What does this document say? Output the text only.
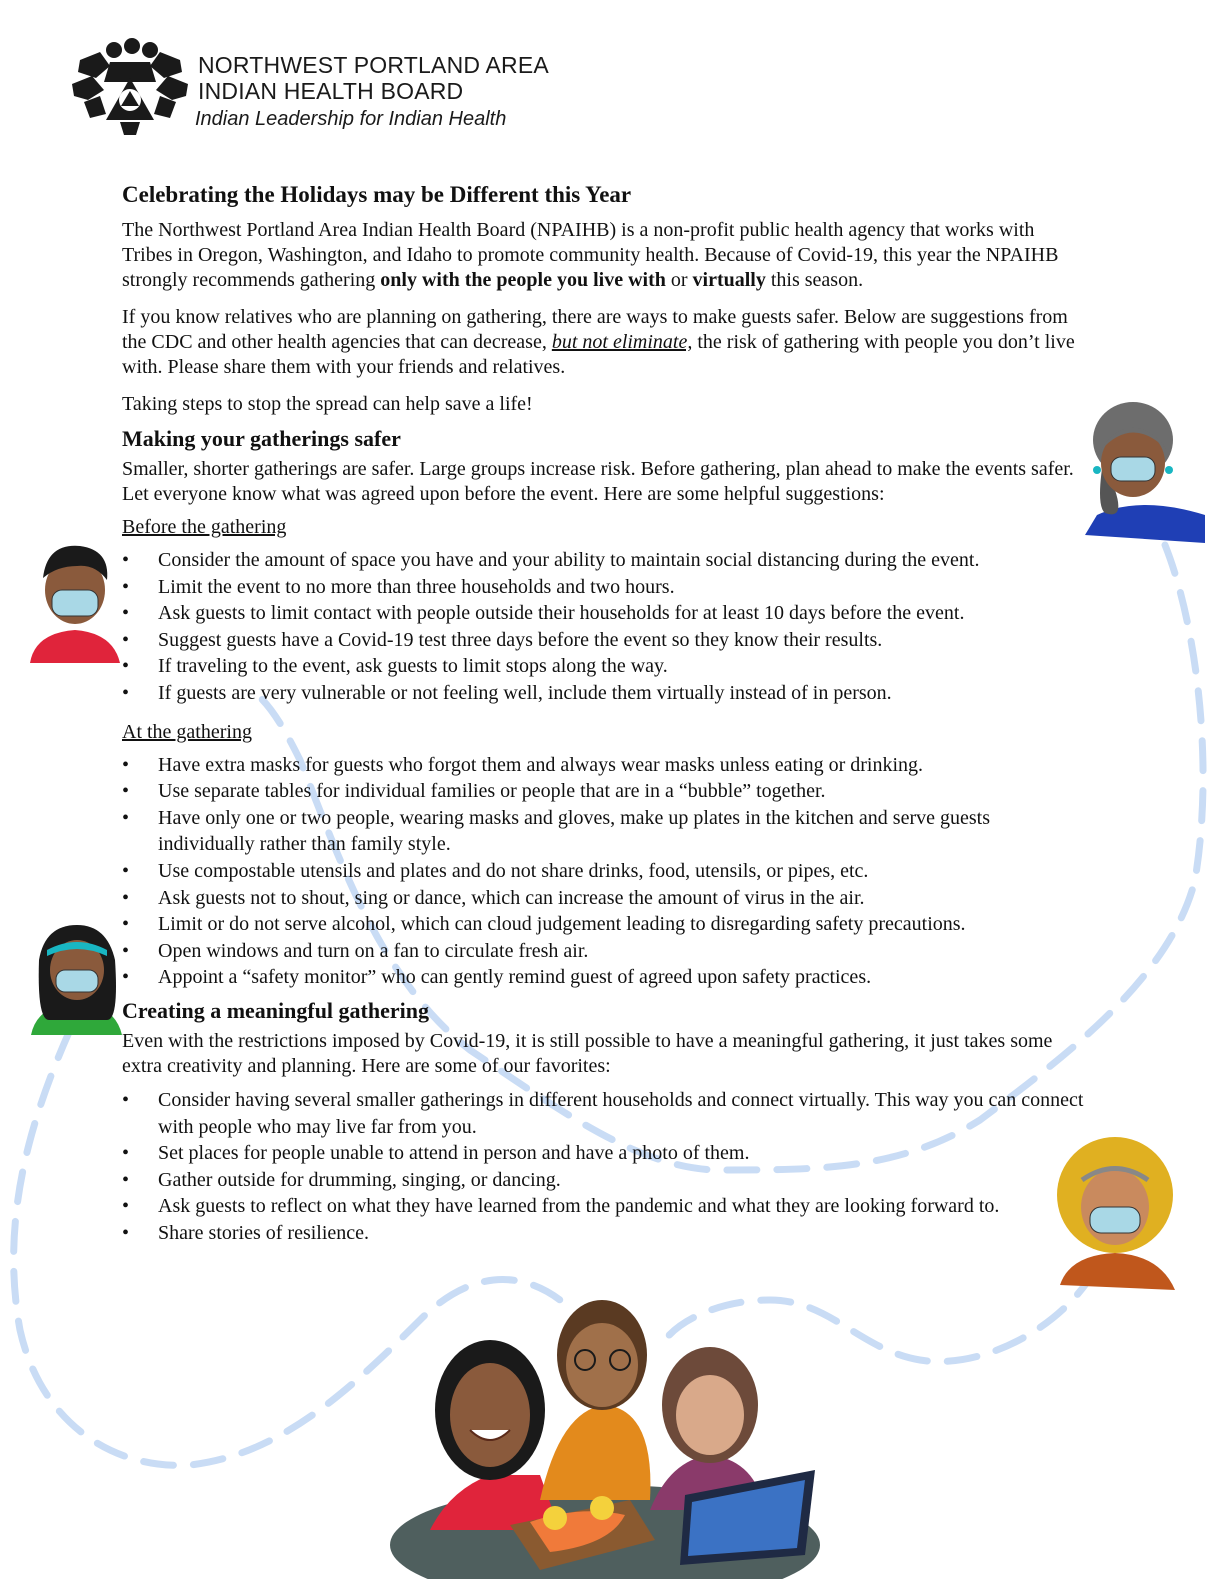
NORTHWEST PORTLAND AREA
INDIAN HEALTH BOARD
Indian Leadership for Indian Health
Celebrating the Holidays may be Different this Year

The Northwest Portland Area Indian Health Board (NPAIHB) is a non-profit public health agency that works with Tribes in Oregon, Washington, and Idaho to promote community health. Because of Covid-19, this year the NPAIHB strongly recommends gathering only with the people you live with or virtually this season.

If you know relatives who are planning on gathering, there are ways to make guests safer. Below are suggestions from the CDC and other health agencies that can decrease, but not eliminate, the risk of gathering with people you don’t live with. Please share them with your friends and relatives.

Taking steps to stop the spread can help save a life!

Making your gatherings safer

Smaller, shorter gatherings are safer. Large groups increase risk. Before gathering, plan ahead to make the events safer. Let everyone know what was agreed upon before the event. Here are some helpful suggestions:

Before the gathering
• Consider the amount of space you have and your ability to maintain social distancing during the event.
• Limit the event to no more than three households and two hours.
• Ask guests to limit contact with people outside their households for at least 10 days before the event.
• Suggest guests have a Covid-19 test three days before the event so they know their results.
• If traveling to the event, ask guests to limit stops along the way.
• If guests are very vulnerable or not feeling well, include them virtually instead of in person.
At the gathering
• Have extra masks for guests who forgot them and always wear masks unless eating or drinking.
• Use separate tables for individual families or people that are in a “bubble” together.
• Have only one or two people, wearing masks and gloves, make up plates in the kitchen and serve guests individually rather than family style.
• Use compostable utensils and plates and do not share drinks, food, utensils, or pipes, etc.
• Ask guests not to shout, sing or dance, which can increase the amount of virus in the air.
• Limit or do not serve alcohol, which can cloud judgement leading to disregarding safety precautions.
• Open windows and turn on a fan to circulate fresh air.
• Appoint a “safety monitor” who can gently remind guest of agreed upon safety practices.
Creating a meaningful gathering

Even with the restrictions imposed by Covid-19, it is still possible to have a meaningful gathering, it just takes some extra creativity and planning. Here are some of our favorites:

• Consider having several smaller gatherings in different households and connect virtually. This way you can connect with people who may live far from you.
• Set places for people unable to attend in person and have a photo of them.
• Gather outside for drumming, singing, or dancing.
• Ask guests to reflect on what they have learned from the pandemic and what they are looking forward to.
• Share stories of resilience.
